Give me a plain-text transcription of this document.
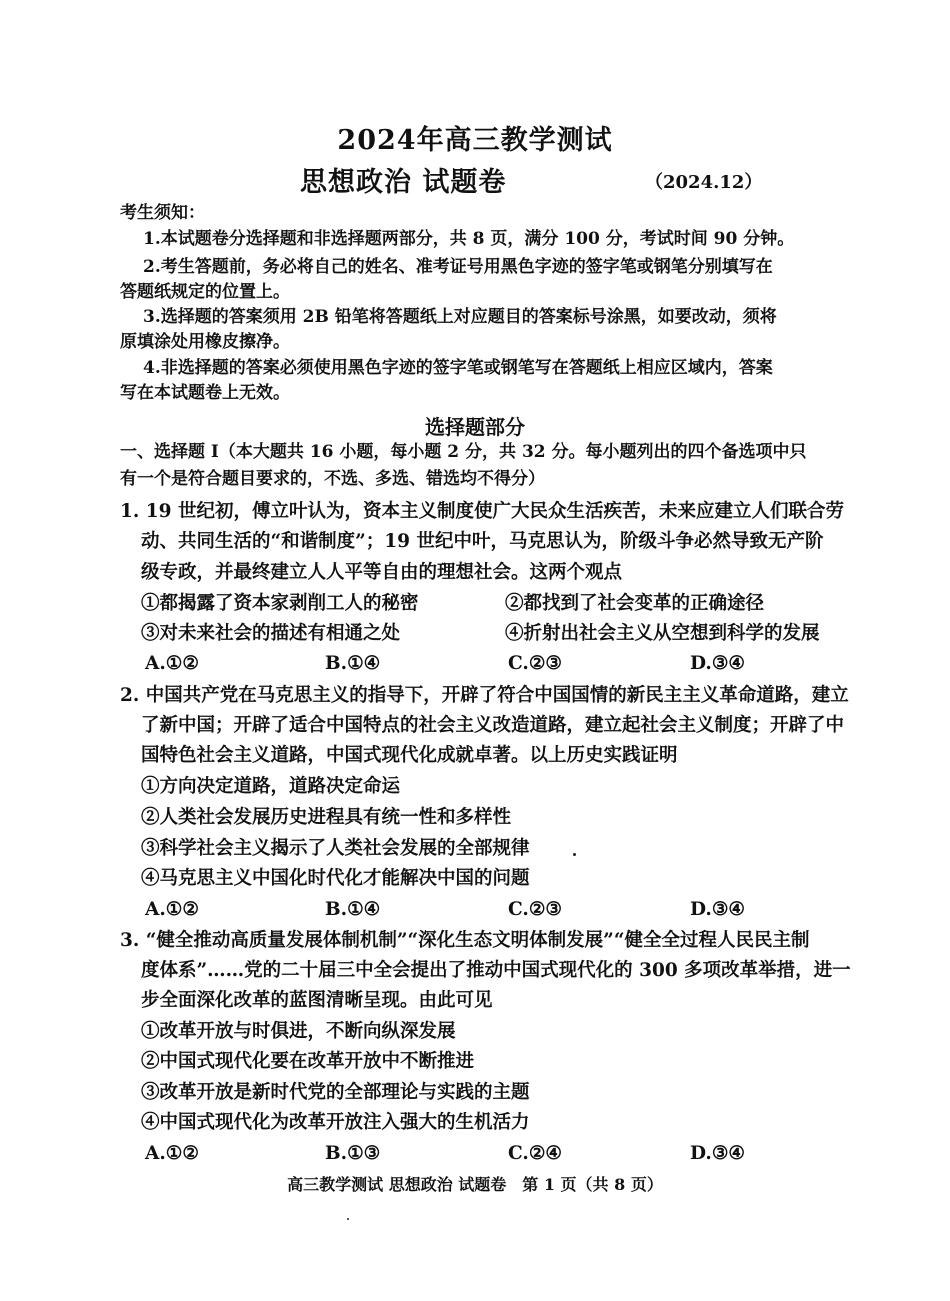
2024年高三教学测试
思想政治 试题卷	（2024.12）
考生须知：
1.本试题卷分选择题和非选择题两部分，共 8 页，满分 100 分，考试时间 90 分钟。
2.考生答题前，务必将自己的姓名、准考证号用黑色字迹的签字笔或钢笔分别填写在
答题纸规定的位置上。
3.选择题的答案须用 2B 铅笔将答题纸上对应题目的答案标号涂黑，如要改动，须将
原填涂处用橡皮擦净。
4.非选择题的答案必须使用黑色字迹的签字笔或钢笔写在答题纸上相应区域内，答案
写在本试题卷上无效。
选择题部分
一、选择题 I（本大题共 16 小题，每小题 2 分，共 32 分。每小题列出的四个备选项中只
有一个是符合题目要求的，不选、多选、错选均不得分）
1. 19 世纪初，傅立叶认为，资本主义制度使广大民众生活疾苦，未来应建立人们联合劳
动、共同生活的“和谐制度”；19 世纪中叶，马克思认为，阶级斗争必然导致无产阶
级专政，并最终建立人人平等自由的理想社会。这两个观点
①都揭露了资本家剥削工人的秘密	②都找到了社会变革的正确途径
③对未来社会的描述有相通之处	④折射出社会主义从空想到科学的发展
A.①②	B.①④	C.②③	D.③④
2. 中国共产党在马克思主义的指导下，开辟了符合中国国情的新民主主义革命道路，建立
了新中国；开辟了适合中国特点的社会主义改造道路，建立起社会主义制度；开辟了中
国特色社会主义道路，中国式现代化成就卓著。以上历史实践证明
①方向决定道路，道路决定命运
②人类社会发展历史进程具有统一性和多样性
③科学社会主义揭示了人类社会发展的全部规律
④马克思主义中国化时代化才能解决中国的问题
A.①②	B.①④	C.②③	D.③④
3. “健全推动高质量发展体制机制”“深化生态文明体制发展”“健全全过程人民民主制
度体系”……党的二十届三中全会提出了推动中国式现代化的 300 多项改革举措，进一
步全面深化改革的蓝图清晰呈现。由此可见
①改革开放与时俱进，不断向纵深发展
②中国式现代化要在改革开放中不断推进
③改革开放是新时代党的全部理论与实践的主题
④中国式现代化为改革开放注入强大的生机活力
A.①②	B.①③	C.②④	D.③④
高三教学测试 思想政治 试题卷　第 1 页（共 8 页）
